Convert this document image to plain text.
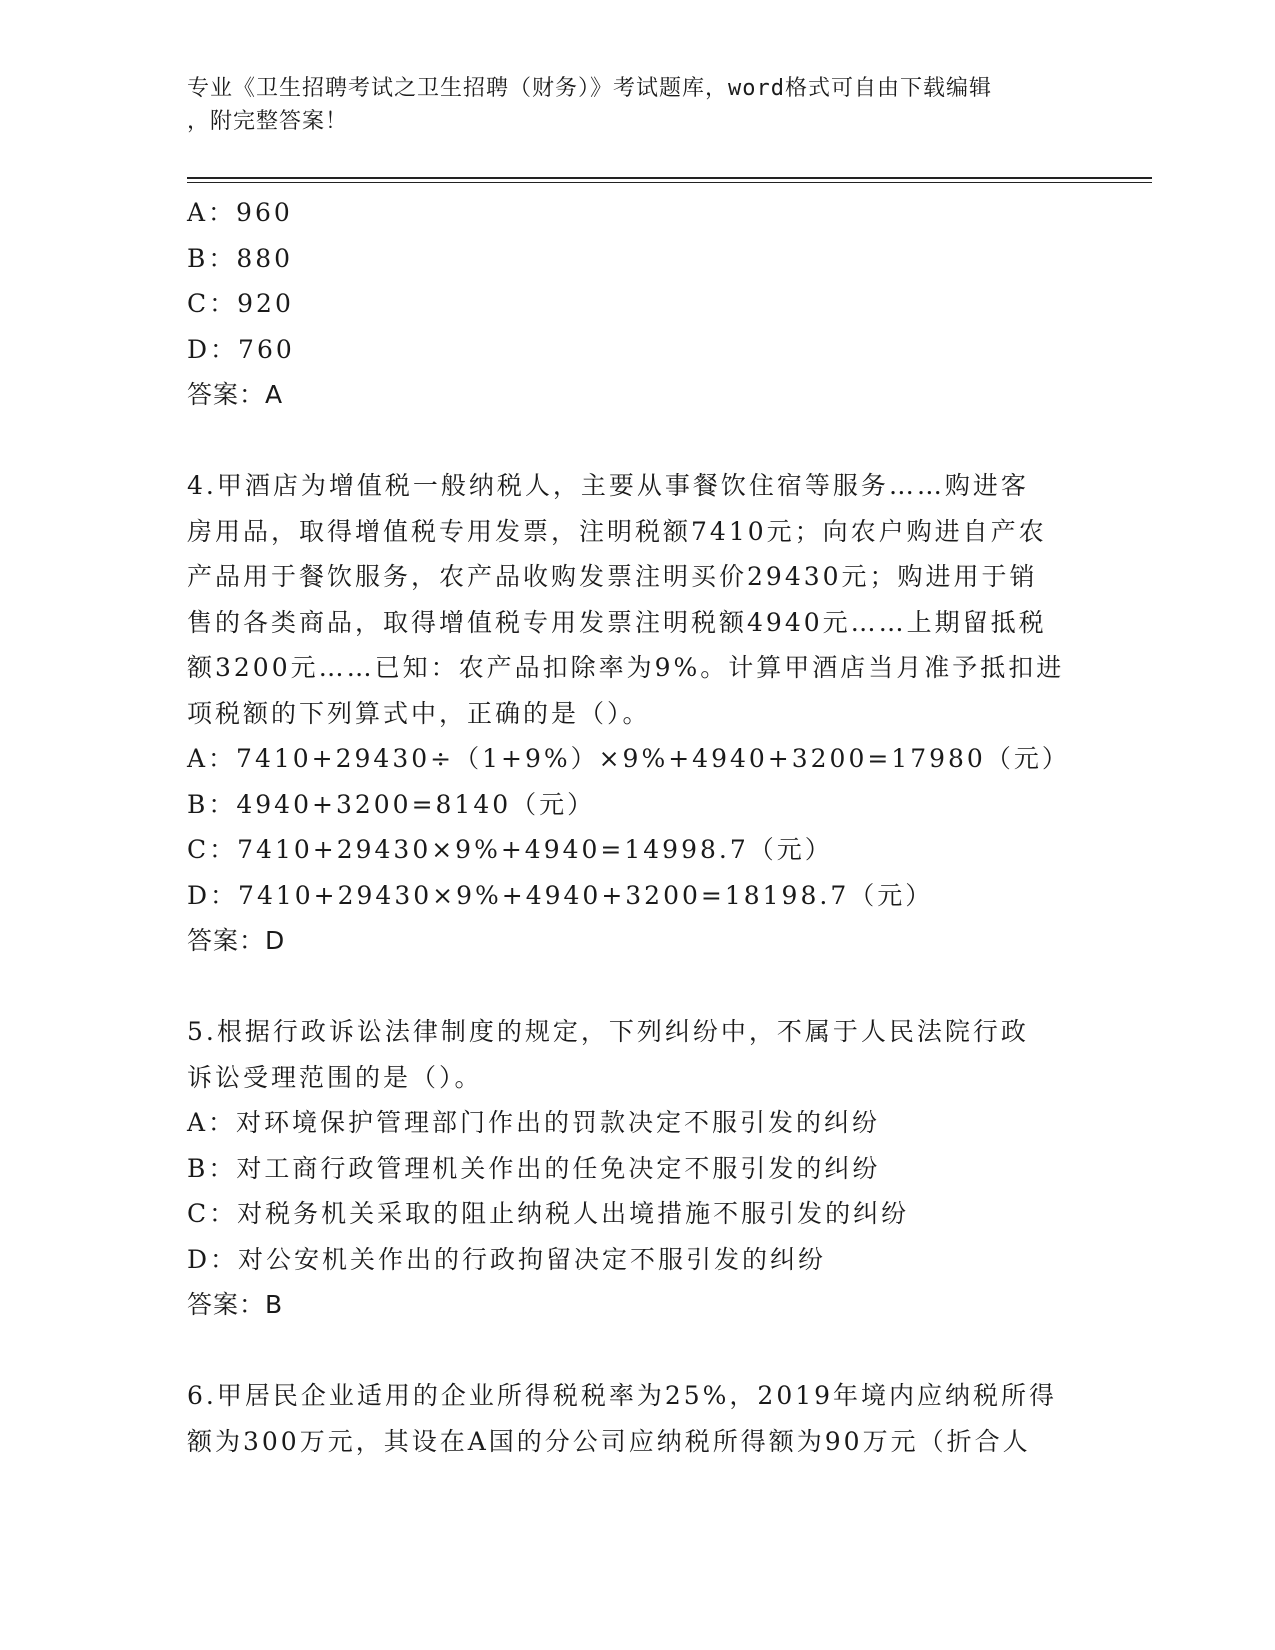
专业《卫生招聘考试之卫生招聘（财务）》考试题库，word格式可自由下载编辑
，附完整答案！
A：960
B：880
C：920
D：760
答案：A
4.甲酒店为增值税一般纳税人，主要从事餐饮住宿等服务……购进客
房用品，取得增值税专用发票，注明税额7410元；向农户购进自产农
产品用于餐饮服务，农产品收购发票注明买价29430元；购进用于销
售的各类商品，取得增值税专用发票注明税额4940元……上期留抵税
额3200元……已知：农产品扣除率为9%。计算甲酒店当月准予抵扣进
项税额的下列算式中，正确的是（）。
A：7410+29430÷（1+9%）×9%+4940+3200=17980（元）
B：4940+3200=8140（元）
C：7410+29430×9%+4940=14998.7（元）
D：7410+29430×9%+4940+3200=18198.7（元）
答案：D
5.根据行政诉讼法律制度的规定，下列纠纷中，不属于人民法院行政
诉讼受理范围的是（）。
A：对环境保护管理部门作出的罚款决定不服引发的纠纷
B：对工商行政管理机关作出的任免决定不服引发的纠纷
C：对税务机关采取的阻止纳税人出境措施不服引发的纠纷
D：对公安机关作出的行政拘留决定不服引发的纠纷
答案：B
6.甲居民企业适用的企业所得税税率为25%，2019年境内应纳税所得
额为300万元，其设在A国的分公司应纳税所得额为90万元（折合人
